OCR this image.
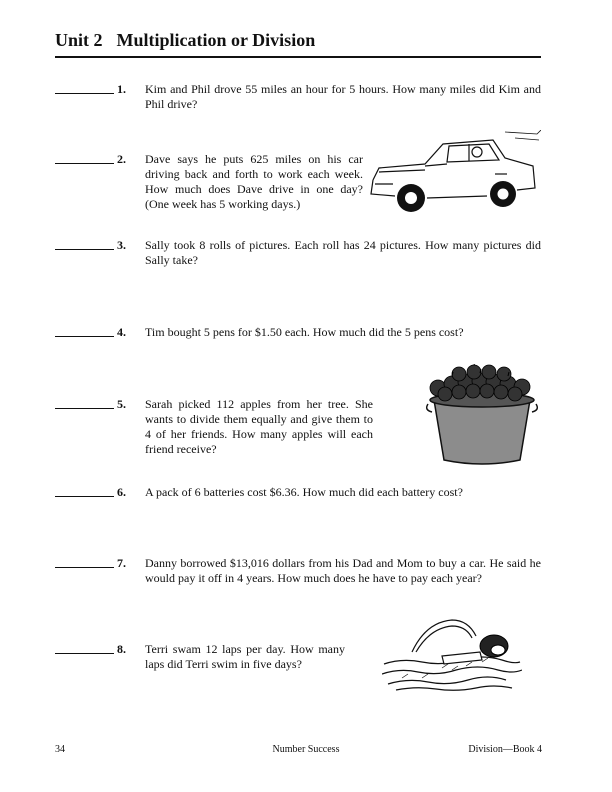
Unit 2 Multiplication or Division
1. Kim and Phil drove 55 miles an hour for 5 hours. How many miles did Kim and Phil drive?
2. Dave says he puts 625 miles on his car driving back and forth to work each week. How much does Dave drive in one day? (One week has 5 working days.)
3. Sally took 8 rolls of pictures. Each roll has 24 pictures. How many pictures did Sally take?
4. Tim bought 5 pens for $1.50 each. How much did the 5 pens cost?
5. Sarah picked 112 apples from her tree. She wants to divide them equally and give them to 4 of her friends. How many apples will each friend receive?
6. A pack of 6 batteries cost $6.36. How much did each battery cost?
7. Danny borrowed $13,016 dollars from his Dad and Mom to buy a car. He said he would pay it off in 4 years. How much does he have to pay each year?
8. Terri swam 12 laps per day. How many laps did Terri swim in five days?
34	Number Success	Division—Book 4
